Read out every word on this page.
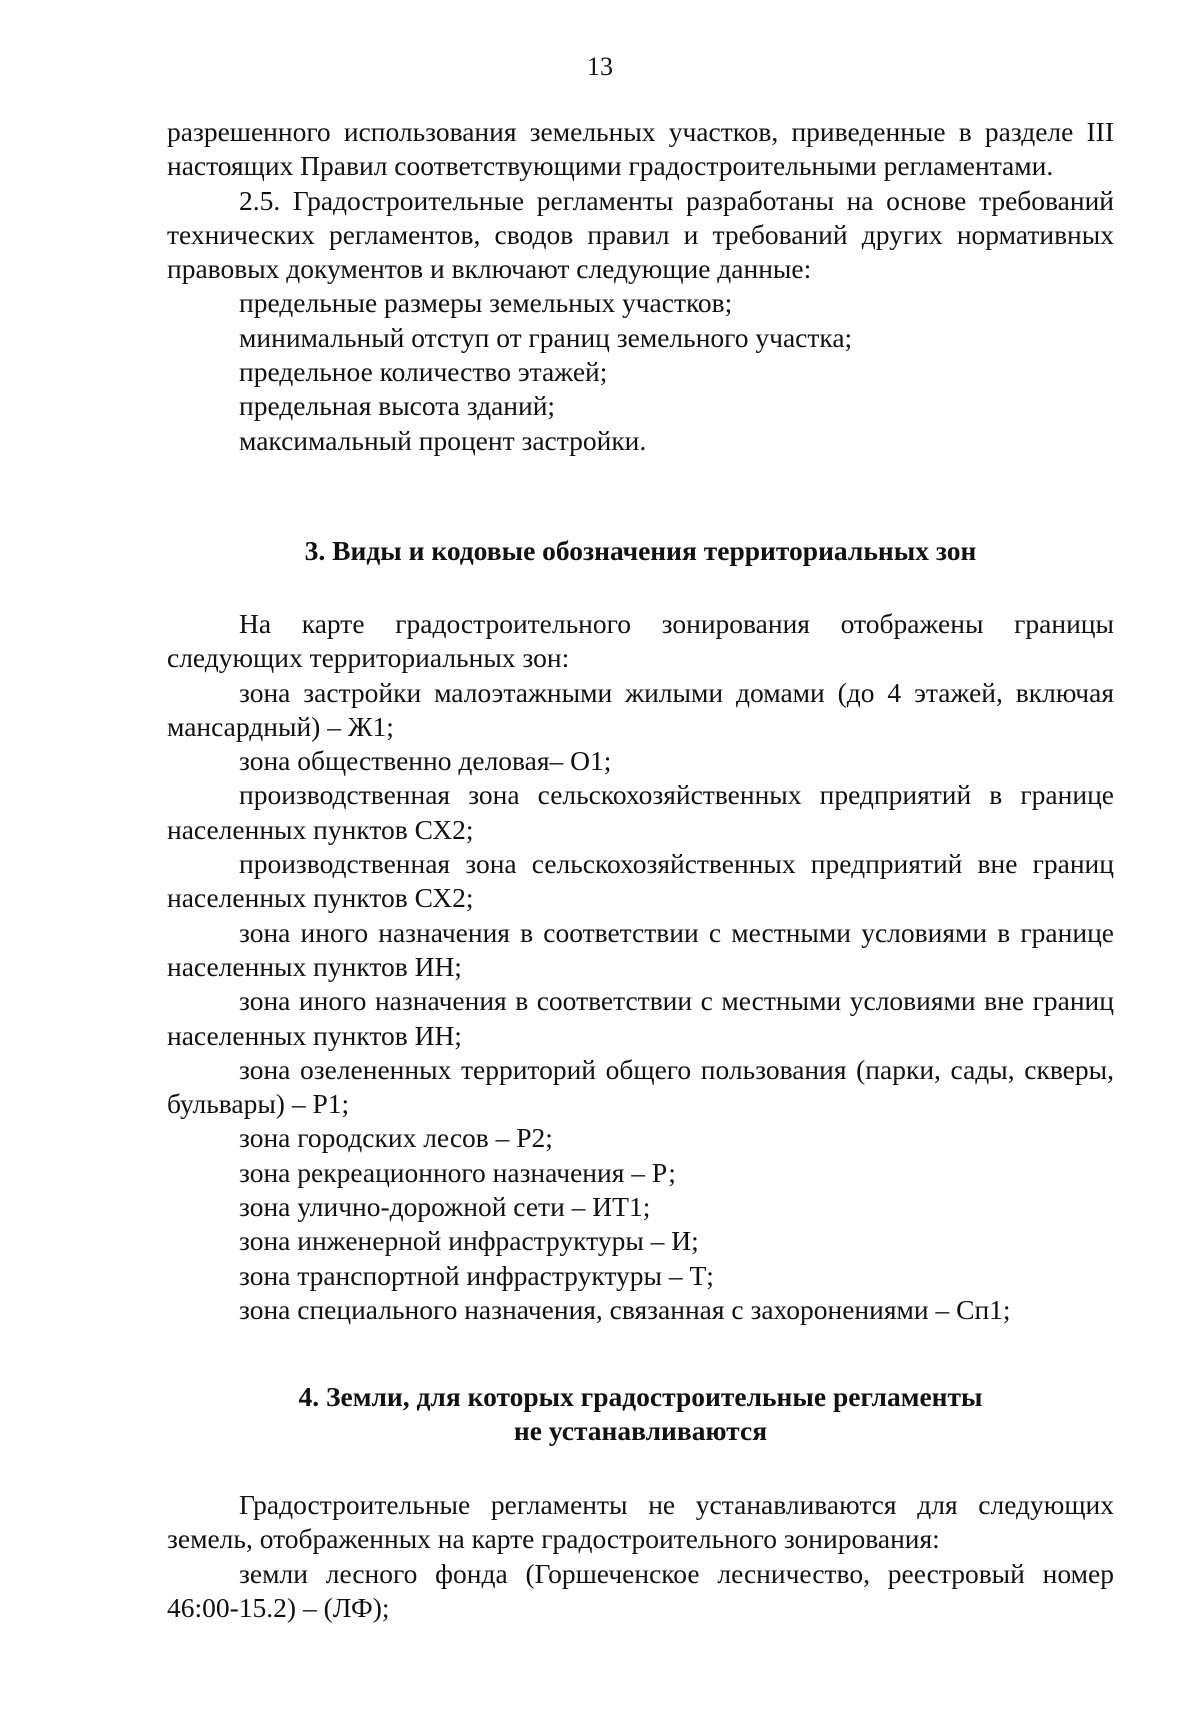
13

разрешенного использования земельных участков, приведенные в разделе III настоящих Правил соответствующими градостроительными регламентами.

2.5. Градостроительные регламенты разработаны на основе требований технических регламентов, сводов правил и требований других нормативных правовых документов и включают следующие данные:

предельные размеры земельных участков;

минимальный отступ от границ земельного участка;

предельное количество этажей;

предельная высота зданий;

максимальный процент застройки.

3. Виды и кодовые обозначения территориальных зон

На карте градостроительного зонирования отображены границы следующих территориальных зон:

зона застройки малоэтажными жилыми домами (до 4 этажей, включая мансардный) – Ж1;

зона общественно деловая– О1;

производственная зона сельскохозяйственных предприятий в границе населенных пунктов СХ2;

производственная зона сельскохозяйственных предприятий вне границ населенных пунктов СХ2;

зона иного назначения в соответствии с местными условиями в границе населенных пунктов ИН;

зона иного назначения в соответствии с местными условиями вне границ населенных пунктов ИН;

зона озелененных территорий общего пользования (парки, сады, скверы, бульвары) – Р1;

зона городских лесов – Р2;

зона рекреационного назначения – Р;

зона улично-дорожной сети – ИТ1;

зона инженерной инфраструктуры – И;

зона транспортной инфраструктуры – Т;

зона специального назначения, связанная с захоронениями – Сп1;

4. Земли, для которых градостроительные регламенты
не устанавливаются

Градостроительные регламенты не устанавливаются для следующих земель, отображенных на карте градостроительного зонирования:

земли лесного фонда (Горшеченское лесничество, реестровый номер 46:00-15.2) – (ЛФ);
